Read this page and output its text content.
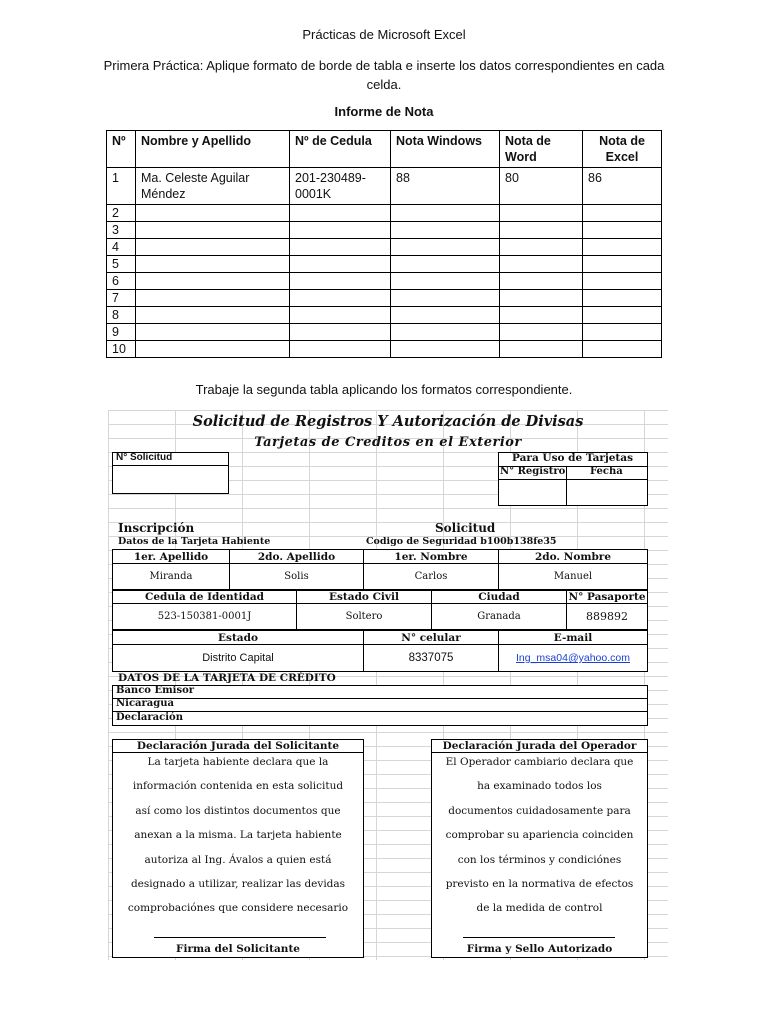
Prácticas de Microsoft Excel
Primera Práctica: Aplique formato de borde de tabla e inserte los datos correspondientes en cada celda.
Informe de Nota
Nº	Nombre y Apellido	Nº de Cedula	Nota Windows	Nota de Word	Nota de Excel
1	Ma. Celeste Aguilar Méndez	201-230489-0001K	88	80	86
2					
3					
4					
5					
6					
7					
8					
9					
10					
Trabaje la segunda tabla aplicando los formatos correspondiente.
Solicitud de Registros Y Autorización de Divisas
Tarjetas de Creditos en el Exterior
N° Solicitud	Para Uso de Tarjetas
N° Registro Fecha
Inscripción	Solicitud
Datos de la Tarjeta Habiente	Codigo de Seguridad b100b138fe35
1er. Apellido	2do. Apellido	1er. Nombre	2do. Nombre
Miranda	Solis	Carlos	Manuel
Cedula de Identidad	Estado Civil	Ciudad	N° Pasaporte
523-150381-0001J	Soltero	Granada	889892
Estado	N° celular	E-mail
Distrito Capital	8337075	Ing_msa04@yahoo.com
DATOS DE LA TARJETA DE CRÉDITO
Banco Emisor
Nicaragua
Declaración
Declaración Jurada del Solicitante
La tarjeta habiente declara que la
información contenida en esta solicitud
así como los distintos documentos que
anexan a la misma. La tarjeta habiente
autoriza al Ing. Ávalos a quien está
designado a utilizar, realizar las devidas
comprobaciónes que considere necesario
Firma del Solicitante
Declaración Jurada del Operador
El Operador cambiario declara que
ha examinado todos los
documentos cuidadosamente para
comprobar su apariencia coinciden
con los términos y condiciónes
previsto en la normativa de efectos
de la medida de control
Firma y Sello Autorizado
